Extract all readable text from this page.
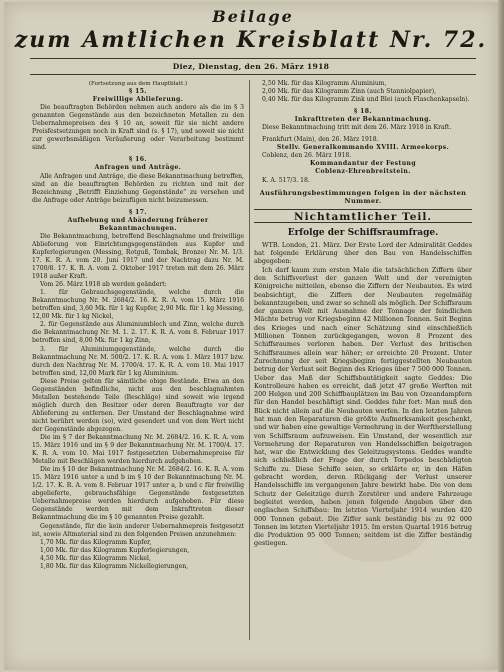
Beilage
zum Amtlichen Kreisblatt Nr. 72.
Diez, Dienstag, den 26. März 1918

(Fortsetzung aus dem Hauptblatt.)

§ 15.

Freiwillige Ablieferung.

Die beauftragten Behörden nehmen auch andere als die im § 3 genannten Gegenstände aus den bezeichneten Metallen zu den Uebernahmepreisen des § 10 an, soweit für sie nicht andere Preisfestsetzungen noch in Kraft sind (s. § 17), und soweit sie nicht zur gewerbsmäßigen Veräußerung oder Verarbeitung bestimmt sind.

§ 16.

Anfragen und Anträge.

Alle Anfragen und Anträge, die diese Bekanntmachung betreffen, sind an die beauftragten Behörden zu richten und mit der Bezeichnung „Betrifft Einziehung Gegenstände“ zu versehen und die Anfrage oder Anträge beizufügen nicht beizumessen.

§ 17.

Aufhebung und Abänderung früherer Bekanntmachungen.

Die Bekanntmachung, betreffend Beschlagnahme und freiwillige Ablieferung von Einrichtungsgegenständen aus Kupfer und Kupferlegierungen (Messing, Rotguß, Tombak, Bronze) Nr. M. 1/3. 17. K. R. A. vom 20. Juni 1917 und der Nachtrag dazu Nr. M. 1700/8. 17. K. R. A. vom 2. Oktober 1917 treten mit dem 26. März 1918 außer Kraft.

Vom 26. März 1918 ab werden geändert:

1. für Gebrauchsgegenstände, welche durch die Bekanntmachung Nr. M. 2684/2. 16. K. R. A. vom 15. März 1916 betroffen sind, 3,60 Mk. für 1 kg Kupfer, 2,90 Mk. für 1 kg Messing, 12,00 Mk. für 1 kg Nickel,

2. für Gegenstände aus Aluminiumblech und Zinn, welche durch die Bekanntmachung Nr. M. 1. 2. 17. K. R. A. vom 8. Februar 1917 betroffen sind, 8,00 Mk. für 1 kg Zinn,

3. für Aluminiumgegenstände, welche durch die Bekanntmachung Nr. M. 500/2. 17. K. R. A. vom 1. März 1917 bzw. durch den Nachtrag Nr. M. 1700/4. 17. K. R. A. vom 10. Mai 1917 betroffen sind, 12,00 Mark für 1 kg Aluminium.

Diese Preise gelten für sämtliche obige Bestände. Etwa an den Gegenständen befindliche, nicht aus den beschlagnahmten Metallen bestehende Teile (Beschläge) sind soweit wie irgend möglich durch den Besitzer oder deren Beauftragte vor der Ablieferung zu entfernen. Der Umstand der Beschlagnahme wird nicht berührt werden (so), wird gesondert und von dem Wert nicht der Gegenstände abgezogen.

Die im § 7 der Bekanntmachung Nr. M. 2684/2. 16. K. R. A. vom 15. März 1916 und im § 9 der Bekanntmachung Nr. M. 1700/4. 17. K. R. A. vom 10. Mai 1917 festgesetzten Uebernahmepreise für Metalle mit Beschlägen werden hierdurch aufgehoben.

Die im § 10 der Bekanntmachung Nr. M. 2684/2. 16. K. R. A. vom 15. März 1916 unter a und b im § 10 der Bekanntmachung Nr. M. 1/2. 17. K. R. A. vom 8. Februar 1917 unter a, b und c für freiwillig abgelieferte, gebrauchsfähige Gegenstände festgesetzten Uebernahmepreise werden hierdurch aufgehoben. Für diese Gegenstände werden mit dem Inkrafttreten dieser Bekanntmachung die im § 10 genannten Preise gezahlt.

Gegenstände, für die kein anderer Uebernahmepreis festgesetzt ist, sowie Altmaterial sind zu den folgenden Preisen anzunehmen:

1,70 Mk. für das Kilogramm Kupfer,

1,00 Mk. für das Kilogramm Kupferlegierungen,

4,50 Mk. für das Kilogramm Nickel,

1,80 Mk. für das Kilogramm Nickellegierungen,

2,50 Mk. für das Kilogramm Aluminium,

2,00 Mk. für das Kilogramm Zinn (auch Stanniolpapier),

0,40 Mk. für das Kilogramm Zink und Blei (auch Flaschenkapseln).

§ 18.

Inkrafttreten der Bekanntmachung.

Diese Bekanntmachung tritt mit dem 26. März 1918 in Kraft.

Frankfurt (Main), den 26. März 1918.

Stellv. Generalkommando XVIII. Armeekorps.

Coblenz, den 26. März 1918.

Kommandantur der Festung

Coblenz-Ehrenbreitstein.

K. A. 517/3. 18.

Ausführungsbestimmungen folgen in der nächsten Nummer.

Nichtamtlicher Teil.

Erfolge der Schiffsraumfrage.

WTB. London, 21. März. Der Erste Lord der Admiralität Geddes hat folgende Erklärung über den Bau von Handelsschiffen abgegeben:

Ich darf kaum zum ersten Male die tatsächlichen Ziffern über den Schiffsverlust der ganzen Welt und der vereinigten Königreiche mitteilen, ebenso die Ziffern der Neubauten. Es wird beabsichtigt, die Ziffern der Neubauten regelmäßig bekanntzugeben, und zwar so schnell als möglich. Der Schiffsraum der ganzen Welt mit Ausnahme der Tonnage der feindlichen Mächte betrug vor Kriegsbeginn 42 Millionen Tonnen. Seit Beginn des Krieges und nach einer Schätzung sind einschließlich Millionen Tonnen zurückgegangen, wovon 8 Prozent des Schiffsraumes verloren haben. Der Verlust des britischen Schiffsraumes allein war höher; er erreichte 20 Prozent. Unter Zurechnung der seit Kriegsbeginn fertiggestellten Neubauten betrug der Verlust seit Beginn des Krieges über 7 500 000 Tonnen. Ueber das Maß der Schiffsbautätigkeit sagte Geddes: Die Kontrolleure haben es erreicht, daß jetzt 47 große Werften mit 200 Helgen und 200 Schiffbauplätzen im Bau von Ozeandampfern für den Handel beschäftigt sind. Geddes fuhr fort: Man muß den Blick nicht allein auf die Neubauten werfen. In den letzten Jahren hat man den Reparaturen die größte Aufmerksamkeit geschenkt, und wir haben eine gewaltige Vermehrung in der Werftherstellung von Schiffsraum aufzuweisen. Ein Umstand, der wesentlich zur Vermehrung der Reparaturen von Handelsschiffen beigetragen hat, war die Entwicklung des Geleitzugsystems. Geddes wandte sich schließlich der Frage der durch Torpedos beschädigten Schiffe zu. Diese Schiffe seien, so erklärte er, in den Häfen gebracht worden, deren Rückgang der Verlust unserer Handelsschiffe im vergangenen Jahre bewirkt habe. Die von dem Schutz der Geleitzüge durch Zerstörer und andere Fahrzeuge begleitet werden, haben jenen folgende Angaben über den englischen Schiffsbau: Im letzten Vierteljahr 1914 wurden 420 000 Tonnen gebaut. Die Ziffer sank beständig bis zu 92 000 Tonnen im letzten Vierteljahr 1915. Im ersten Quartal 1916 betrug die Produktion 95 000 Tonnen; seitdem ist die Ziffer beständig gestiegen.
